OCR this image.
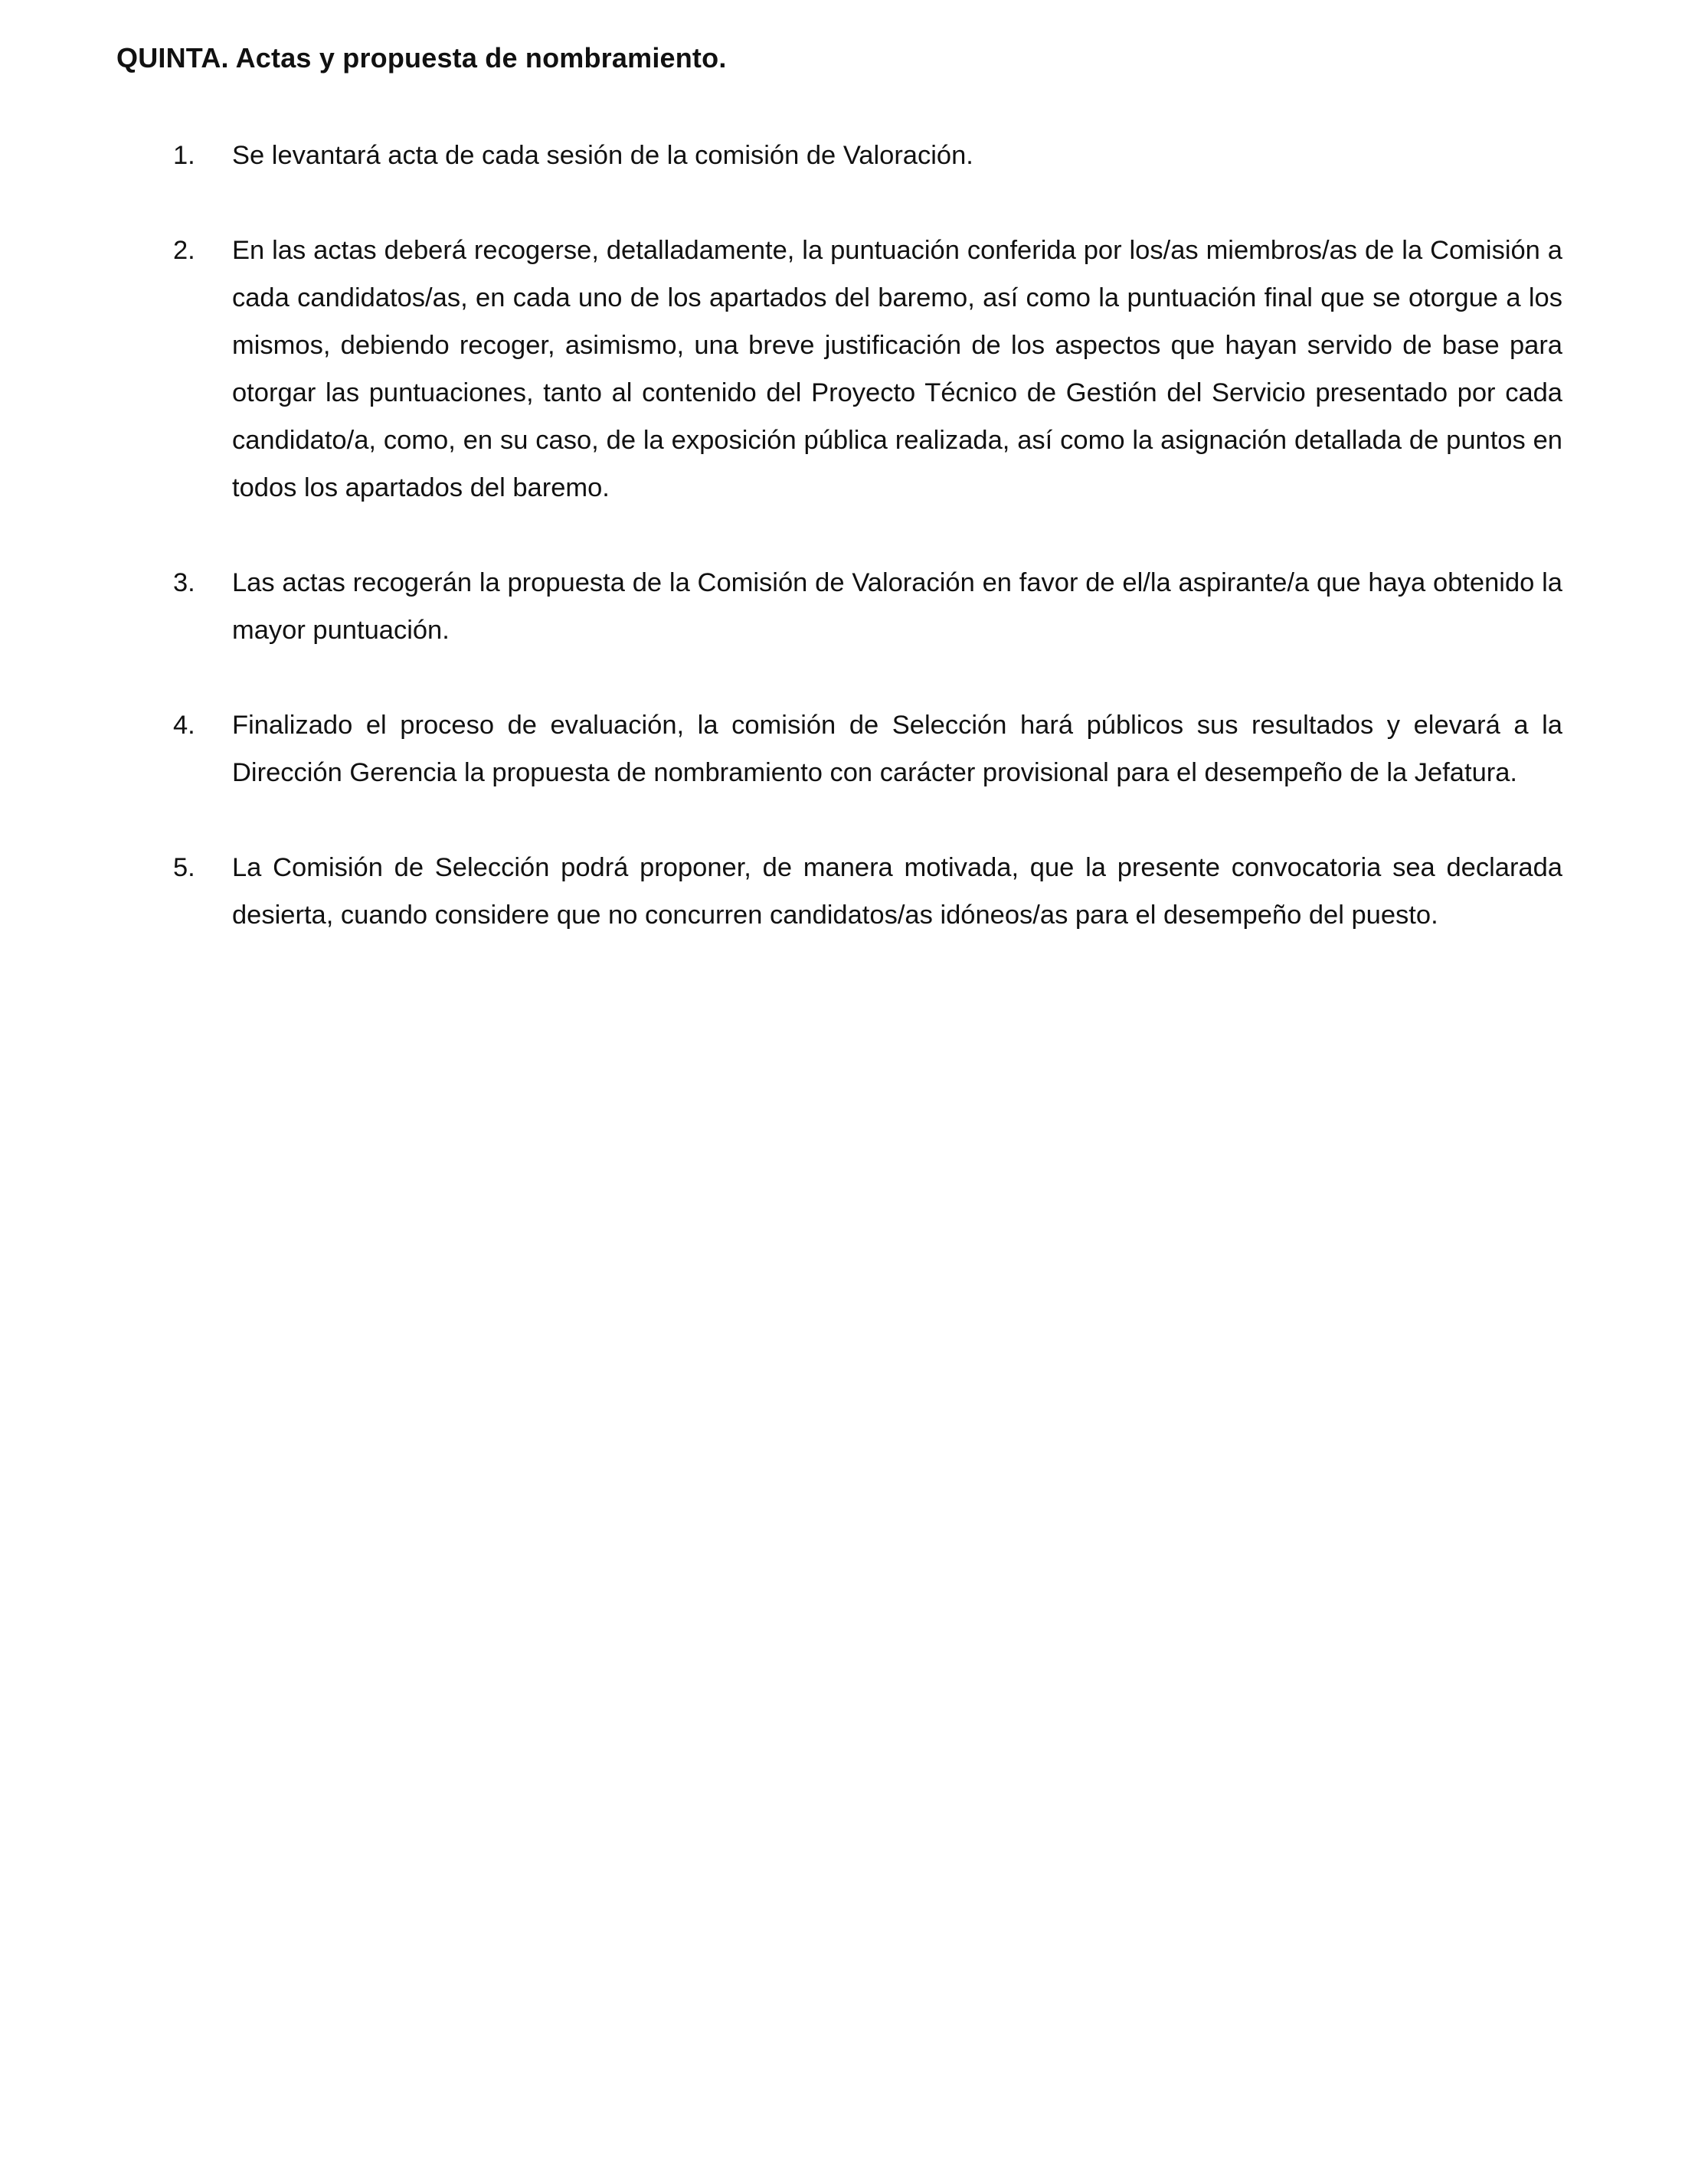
QUINTA. Actas y propuesta de nombramiento.
1.	Se levantará acta de cada sesión de la comisión de Valoración.
2.	En las actas deberá recogerse, detalladamente, la puntuación conferida por los/as miembros/as de la Comisión a cada candidatos/as, en cada uno de los apartados del baremo, así como la puntuación final que se otorgue a los mismos, debiendo recoger, asimismo, una breve justificación de los aspectos que hayan servido de base para otorgar las puntuaciones, tanto al contenido del Proyecto Técnico de Gestión del Servicio presentado por cada candidato/a, como, en su caso, de la exposición pública realizada, así como la asignación detallada de puntos en todos los apartados del baremo.
3.	Las actas recogerán la propuesta de la Comisión de Valoración en favor de el/la aspirante/a que haya obtenido la mayor puntuación.
4.	Finalizado el proceso de evaluación, la comisión de Selección hará públicos sus resultados y elevará a la Dirección Gerencia la propuesta de nombramiento con carácter provisional para el desempeño de la Jefatura.
5.	La Comisión de Selección podrá proponer, de manera motivada, que la presente convocatoria sea declarada desierta, cuando considere que no concurren candidatos/as idóneos/as para el desempeño del puesto.
